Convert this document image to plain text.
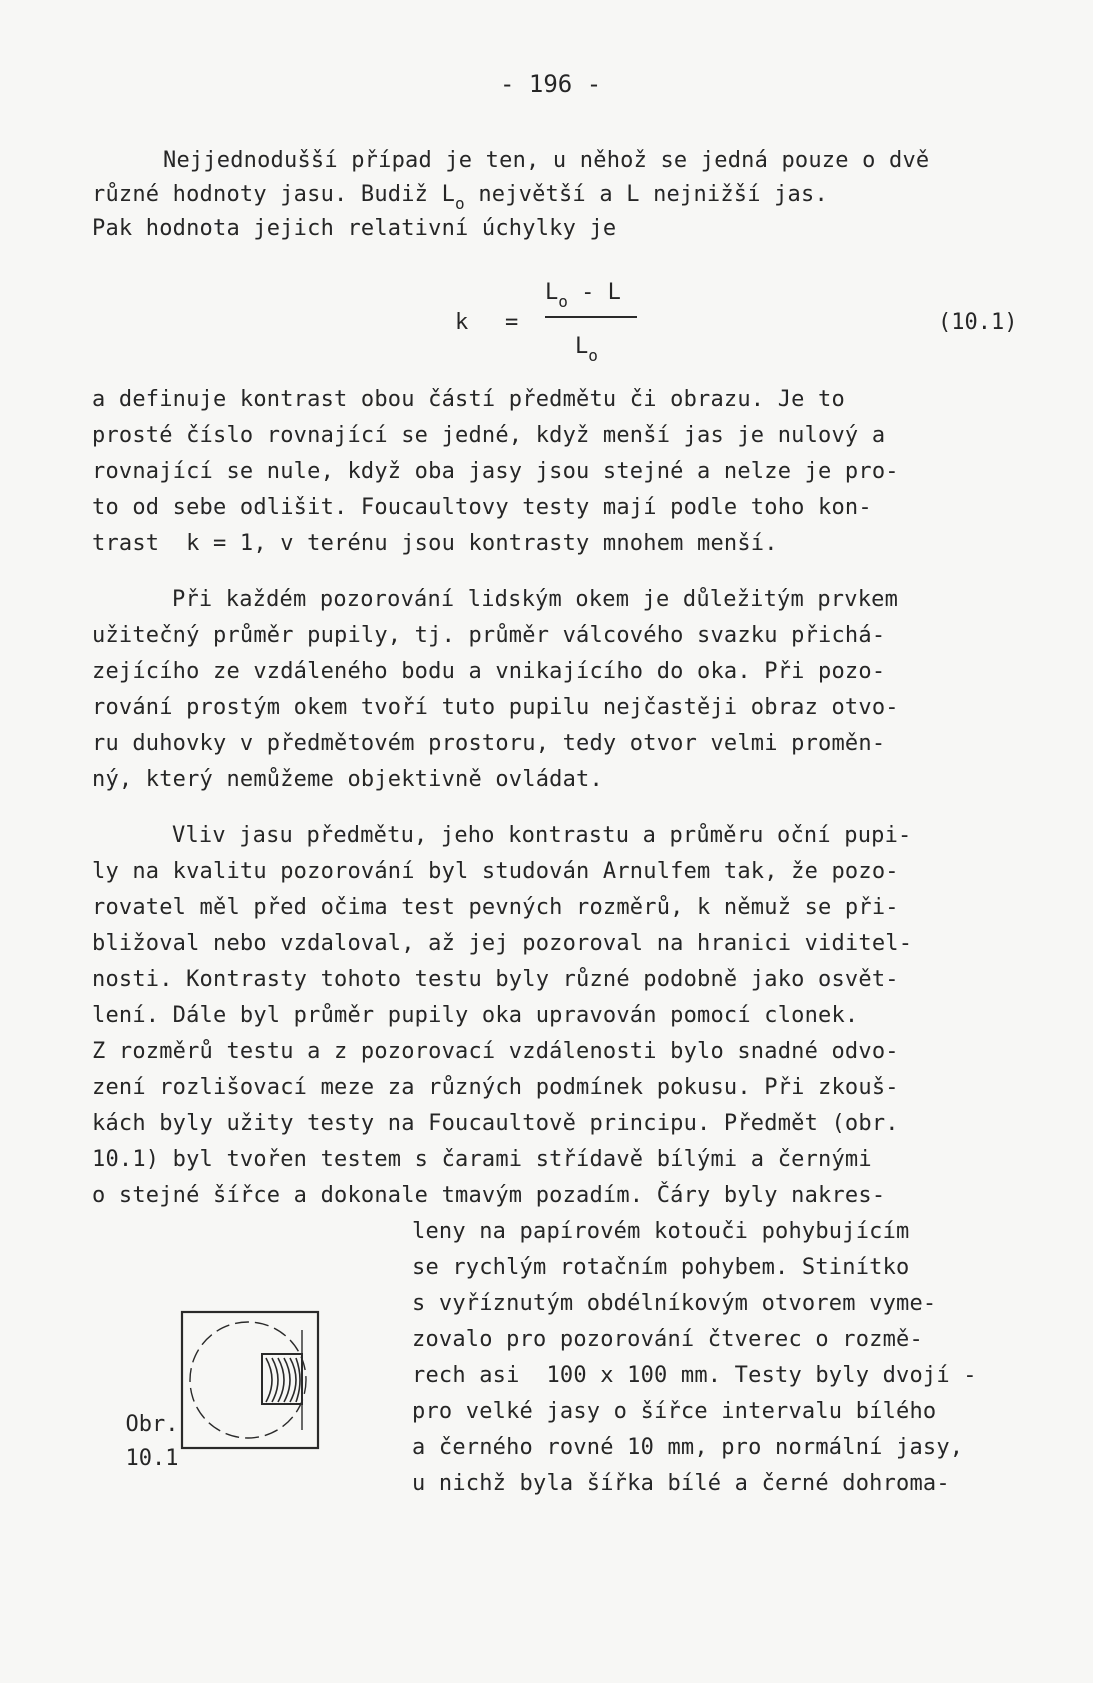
- 196 -
Nejjednodušší případ je ten, u něhož se jedná pouze o dvě
různé hodnoty jasu. Budiž $L_o$ největší a L nejnižší jas.
Pak hodnota jejich relativní úchylky je
k =
$L_o$ - L
$L_o$
(10.1)
a definuje kontrast obou částí předmětu či obrazu. Je to
prosté číslo rovnající se jedné, když menší jas je nulový a
rovnající se nule, když oba jasy jsou stejné a nelze je pro-
to od sebe odlišit. Foucaultovy testy mají podle toho kon-
trast  k = 1, v terénu jsou kontrasty mnohem menší.
Při každém pozorování lidským okem je důležitým prvkem
užitečný průměr pupily, tj. průměr válcového svazku přichá-
zejícího ze vzdáleného bodu a vnikajícího do oka. Při pozo-
rování prostým okem tvoří tuto pupilu nejčastěji obraz otvo-
ru duhovky v předmětovém prostoru, tedy otvor velmi proměn-
ný, který nemůžeme objektivně ovládat.
Vliv jasu předmětu, jeho kontrastu a průměru oční pupi-
ly na kvalitu pozorování byl studován Arnulfem tak, že pozo-
rovatel měl před očima test pevných rozměrů, k němuž se při-
bližoval nebo vzdaloval, až jej pozoroval na hranici viditel-
nosti. Kontrasty tohoto testu byly různé podobně jako osvět-
lení. Dále byl průměr pupily oka upravován pomocí clonek.
Z rozměrů testu a z pozorovací vzdálenosti bylo snadné odvo-
zení rozlišovací meze za různých podmínek pokusu. Při zkouš-
kách byly užity testy na Foucaultově principu. Předmět (obr.
10.1) byl tvořen testem s čarami střídavě bílými a černými
o stejné šířce a dokonale tmavým pozadím. Čáry byly nakres-
leny na papírovém kotouči pohybujícím
se rychlým rotačním pohybem. Stinítko
s vyříznutým obdélníkovým otvorem vyme-
zovalo pro pozorování čtverec o rozmě-
rech asi  100 x 100 mm. Testy byly dvojí -
pro velké jasy o šířce intervalu bílého
a černého rovné 10 mm, pro normální jasy,
u nichž byla šířka bílé a černé dohroma-
Obr.
10.1
